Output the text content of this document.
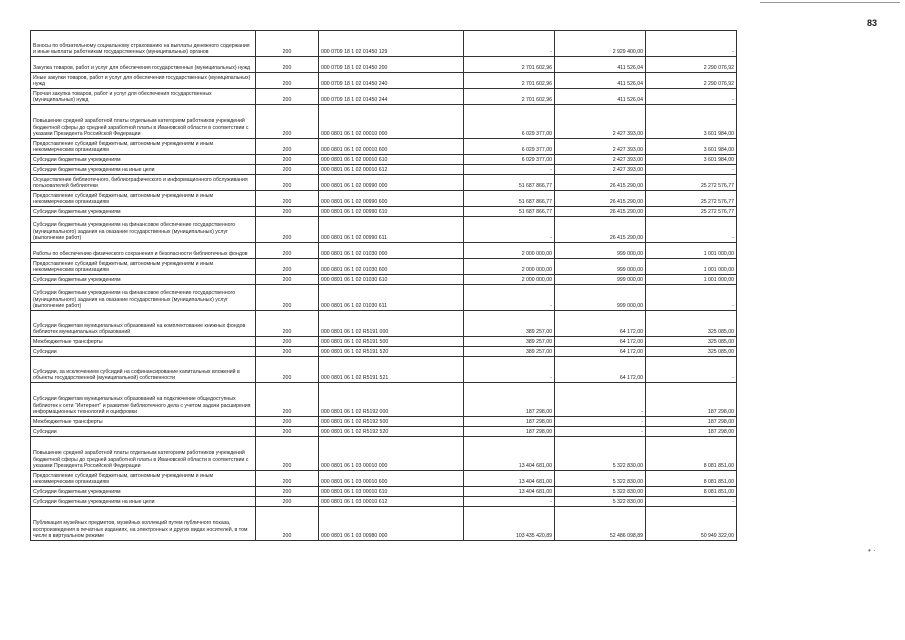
83
• ·
Взносы по обязательному социальному страхованию на выплаты денежного содержания и иные выплаты работникам государственных (муниципальных) органов	200	000 0709 18 1 02 01450 129	-	2 929 400,00	-
Закупка товаров, работ и услуг для обеспечения государственных (муниципальных) нужд	200	000 0709 18 1 02 01450 200	2 701 602,96	411 526,04	2 290 076,92
Иные закупки товаров, работ и услуг для обеспечения государственных (муниципальных) нужд	200	000 0709 18 1 02 01450 240	2 701 602,96	411 526,04	2 290 076,92
Прочая закупка товаров, работ и услуг для обеспечения государственных (муниципальных) нужд	200	000 0709 18 1 02 01450 244	2 701 602,96	411 526,04	-
Повышение средней заработной платы отдельным категориям работников учреждений бюджетной сферы до средней заработной платы в Ивановской области в соответствии с указами Президента Российской Федерации	200	000 0801 06 1 02 00010 000	6 029 377,00	2 427 393,00	3 601 984,00
Предоставление субсидий бюджетным, автономным учреждениям и иным некоммерческим организациям	200	000 0801 06 1 02 00010 600	6 029 377,00	2 427 393,00	3 601 984,00
Субсидии бюджетным учреждениям	200	000 0801 06 1 02 00010 610	6 029 377,00	2 427 393,00	3 601 984,00
Субсидии бюджетным учреждениям на иные цели	200	000 0801 06 1 02 00010 612	-	2 427 393,00	-
Осуществление библиотечного, библиографического и информационного обслуживания пользователей библиотеки	200	000 0801 06 1 02 00990 000	51 687 866,77	26 415 290,00	25 272 576,77
Предоставление субсидий бюджетным, автономным учреждениям и иным некоммерческим организациям	200	000 0801 06 1 02 00990 600	51 687 866,77	26 415 290,00	25 272 576,77
Субсидии бюджетным учреждениям	200	000 0801 06 1 02 00990 610	51 687 866,77	26 415 290,00	25 272 576,77
Субсидии бюджетным учреждениям на финансовое обеспечение государственного (муниципального) задания на оказание государственных (муниципальных) услуг (выполнение работ)	200	000 0801 06 1 02 00990 611	-	26 415 290,00	-
Работы по обеспечению физического сохранения и безопасности библиотечных фондов	200	000 0801 06 1 02 01030 000	2 000 000,00	999 000,00	1 001 000,00
Предоставление субсидий бюджетным, автономным учреждениям и иным некоммерческим организациям	200	000 0801 06 1 02 01030 600	2 000 000,00	999 000,00	1 001 000,00
Субсидии бюджетным учреждениям	200	000 0801 06 1 02 01030 610	2 000 000,00	999 000,00	1 001 000,00
Субсидии бюджетным учреждениям на финансовое обеспечение государственного (муниципального) задания на оказание государственных (муниципальных) услуг (выполнение работ)	200	000 0801 06 1 02 01030 611	-	999 000,00	-
Субсидии бюджетам муниципальных образований на комплектование книжных фондов библиотек муниципальных образований	200	000 0801 06 1 02 R5191 000	389 257,00	64 172,00	325 085,00
Межбюджетные трансферты	200	000 0801 06 1 02 R5191 500	389 257,00	64 172,00	325 085,00
Субсидии	200	000 0801 06 1 02 R5191 520	389 257,00	64 172,00	325 085,00
Субсидии, за исключением субсидий на софинансирование капитальных вложений в объекты государственной (муниципальной) собственности	200	000 0801 06 1 02 R5191 521	-	64 172,00	-
Субсидии бюджетам муниципальных образований на подключение общедоступных библиотек к сети "Интернет" и развитие библиотечного дела с учетом задачи расширения информационных технологий и оцифровки	200	000 0801 06 1 02 R5192 000	187 298,00	-	187 298,00
Межбюджетные трансферты	200	000 0801 06 1 02 R5192 500	187 298,00	-	187 298,00
Субсидии	200	000 0801 06 1 02 R5192 520	187 298,00	-	187 298,00
Повышение средней заработной платы отдельным категориям работников учреждений бюджетной сферы до средней заработной платы в Ивановской области в соответствии с указами Президента Российской Федерации	200	000 0801 06 1 03 00010 000	13 404 681,00	5 322 830,00	8 081 851,00
Предоставление субсидий бюджетным, автономным учреждениям и иным некоммерческим организациям	200	000 0801 06 1 03 00010 600	13 404 681,00	5 322 830,00	8 081 851,00
Субсидии бюджетным учреждениям	200	000 0801 06 1 03 00010 610	13 404 681,00	5 322 830,00	8 081 851,00
Субсидии бюджетным учреждениям на иные цели	200	000 0801 06 1 03 00010 612	-	5 322 830,00	-
Публикация музейных предметов, музейных коллекций путем публичного показа, воспроизведения в печатных изданиях, на электронных и других видах носителей, в том числе в виртуальном режиме	200	000 0801 06 1 03 00980 000	103 435 420,89	52 486 098,89	50 949 322,00
